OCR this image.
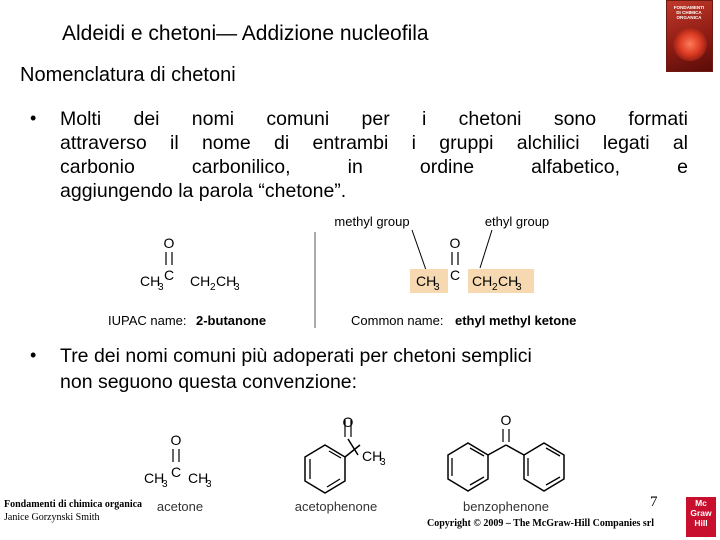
Aldeidi e chetoni— Addizione nucleofila
FONDAMENTI
DI CHIMICA
ORGANICA
Nomenclatura di chetoni
• Molti dei nomi comuni per i chetoni sono formati
attraverso il nome di entrambi i gruppi alchilici legati al
carbonio carbonilico, in ordine alfabetico, e
aggiungendo la parola “chetone”.
O
C
CH
3 CH 2 CH
3
IUPAC name: 2-butanone
methyl group	ethyl group
O
C
CH
3 CH 2 CH
3
Common name: ethyl methyl ketone
• Tre dei nomi comuni più adoperati per chetoni semplici
non seguono questa convenzione:
O
C
CH
3 CH
3
acetone
O
CH
3
acetophenone
O
benzophenone
Fondamenti di chimica organica
Janice Gorzynski Smith
7
Copyright © 2009 – The McGraw-Hill Companies srl
Mc
Graw
Hill
